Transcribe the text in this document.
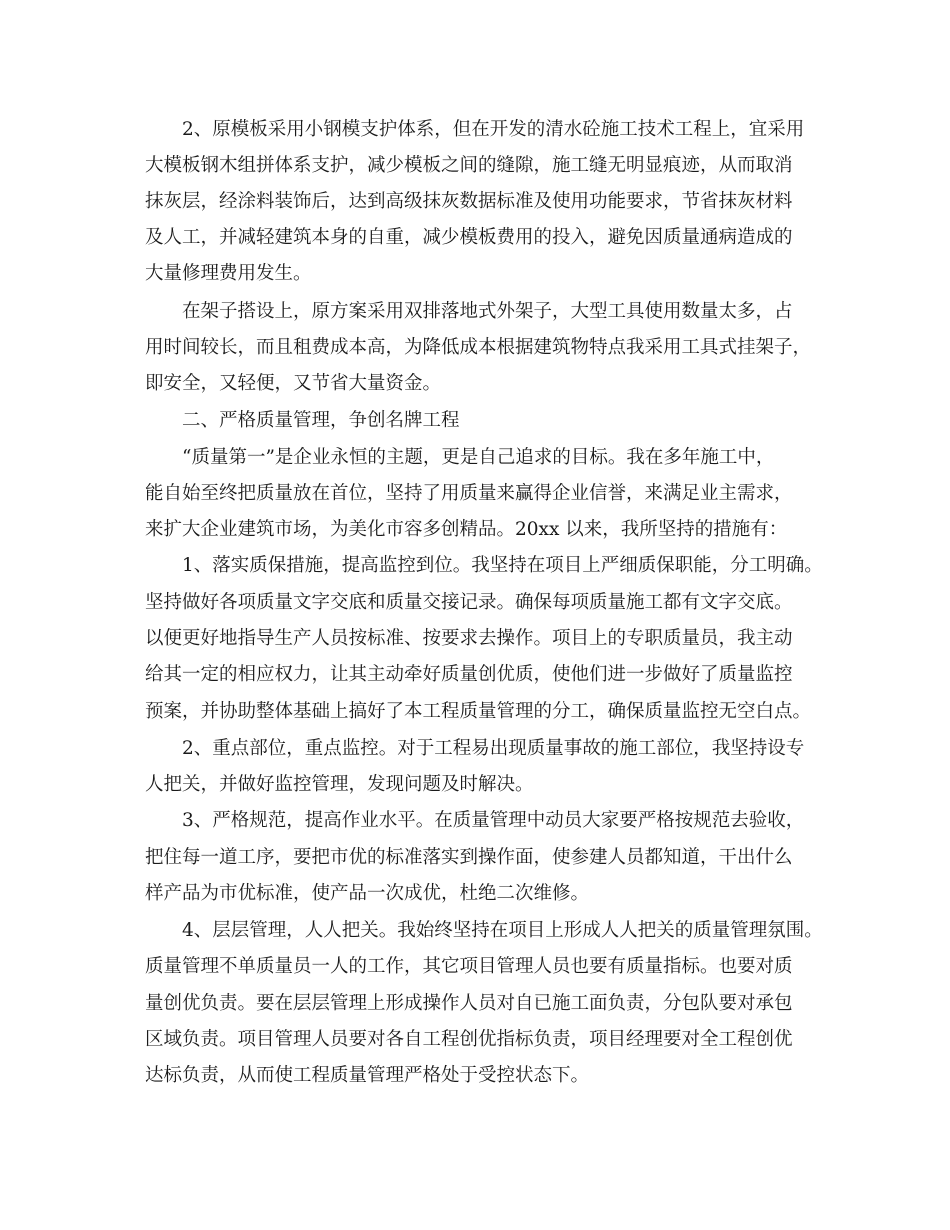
2、原模板采用小钢模支护体系，但在开发的清水砼施工技术工程上，宜采用
大模板钢木组拼体系支护，减少模板之间的缝隙，施工缝无明显痕迹，从而取消
抹灰层，经涂料装饰后，达到高级抹灰数据标准及使用功能要求，节省抹灰材料
及人工，并减轻建筑本身的自重，减少模板费用的投入，避免因质量通病造成的
大量修理费用发生。
在架子搭设上，原方案采用双排落地式外架子，大型工具使用数量太多，占
用时间较长，而且租费成本高，为降低成本根据建筑物特点我采用工具式挂架子，
即安全，又轻便，又节省大量资金。
二、严格质量管理，争创名牌工程
“质量第一”是企业永恒的主题，更是自己追求的目标。我在多年施工中，
能自始至终把质量放在首位，坚持了用质量来赢得企业信誉，来满足业主需求，
来扩大企业建筑市场，为美化市容多创精品。20xx 以来，我所坚持的措施有：
1、落实质保措施，提高监控到位。我坚持在项目上严细质保职能，分工明确。
坚持做好各项质量文字交底和质量交接记录。确保每项质量施工都有文字交底。
以便更好地指导生产人员按标准、按要求去操作。项目上的专职质量员，我主动
给其一定的相应权力，让其主动牵好质量创优质，使他们进一步做好了质量监控
预案，并协助整体基础上搞好了本工程质量管理的分工，确保质量监控无空白点。
2、重点部位，重点监控。对于工程易出现质量事故的施工部位，我坚持设专
人把关，并做好监控管理，发现问题及时解决。
3、严格规范，提高作业水平。在质量管理中动员大家要严格按规范去验收，
把住每一道工序，要把市优的标准落实到操作面，使参建人员都知道，干出什么
样产品为市优标准，使产品一次成优，杜绝二次维修。
4、层层管理，人人把关。我始终坚持在项目上形成人人把关的质量管理氛围。
质量管理不单质量员一人的工作，其它项目管理人员也要有质量指标。也要对质
量创优负责。要在层层管理上形成操作人员对自已施工面负责，分包队要对承包
区域负责。项目管理人员要对各自工程创优指标负责，项目经理要对全工程创优
达标负责，从而使工程质量管理严格处于受控状态下。
